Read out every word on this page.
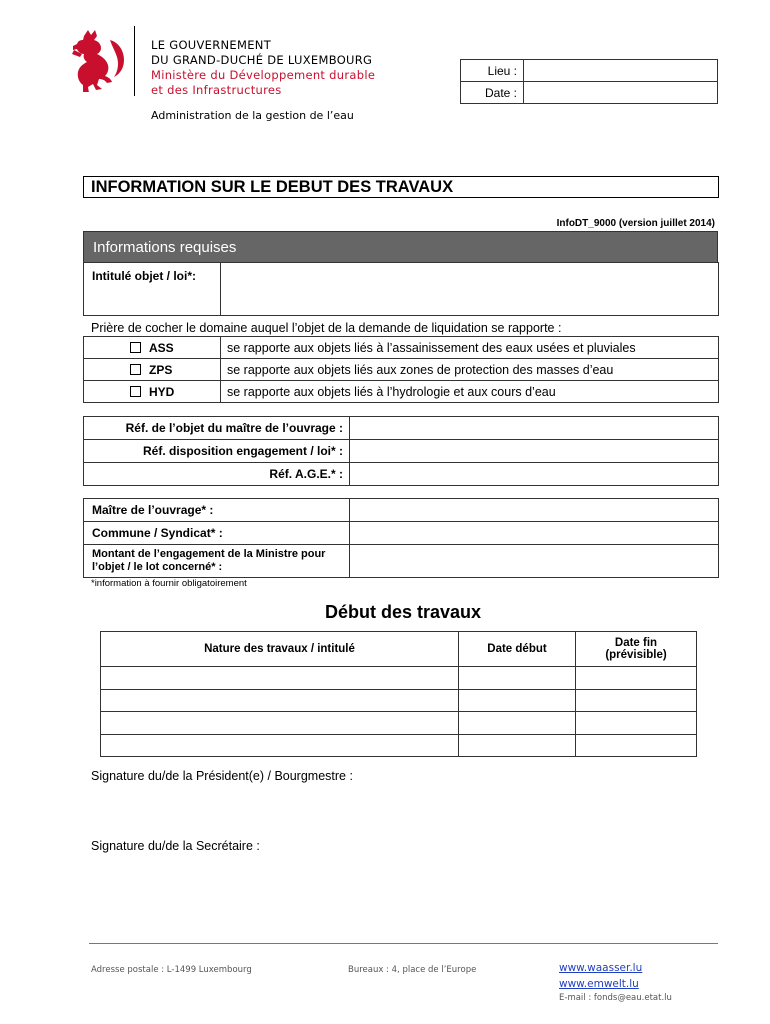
LE GOUVERNEMENT
DU GRAND-DUCHÉ DE LUXEMBOURG
Ministère du Développement durable
et des Infrastructures
Administration de la gestion de l’eau
Lieu :	
Date :	
INFORMATION SUR LE DEBUT DES TRAVAUX
InfoDT_9000 (version juillet 2014)
Informations requises
Intitulé objet / loi*:	
Prière de cocher le domaine auquel l’objet de la demande de liquidation se rapporte :
ASS	se rapporte aux objets liés à l’assainissement des eaux usées et pluviales
ZPS	se rapporte aux objets liés aux zones de protection des masses d’eau
HYD	se rapporte aux objets liés à l’hydrologie et aux cours d’eau
Réf. de l’objet du maître de l’ouvrage :	
Réf. disposition engagement / loi* :	
Réf. A.G.E.* :	
Maître de l’ouvrage* :	
Commune / Syndicat* :	

Montant de l’engagement de la Ministre pour
l’objet / le lot concerné* :	

*information à fournir obligatoirement
Début des travaux
Nature des travaux / intitulé	Date début	Date fin
(prévisible)

Signature du/de la Président(e) / Bourgmestre :
Signature du/de la Secrétaire :
Adresse postale : L-1499 Luxembourg	Bureaux : 4, place de l’Europe	www.waasser.lu
www.emwelt.lu
E-mail : fonds@eau.etat.lu
